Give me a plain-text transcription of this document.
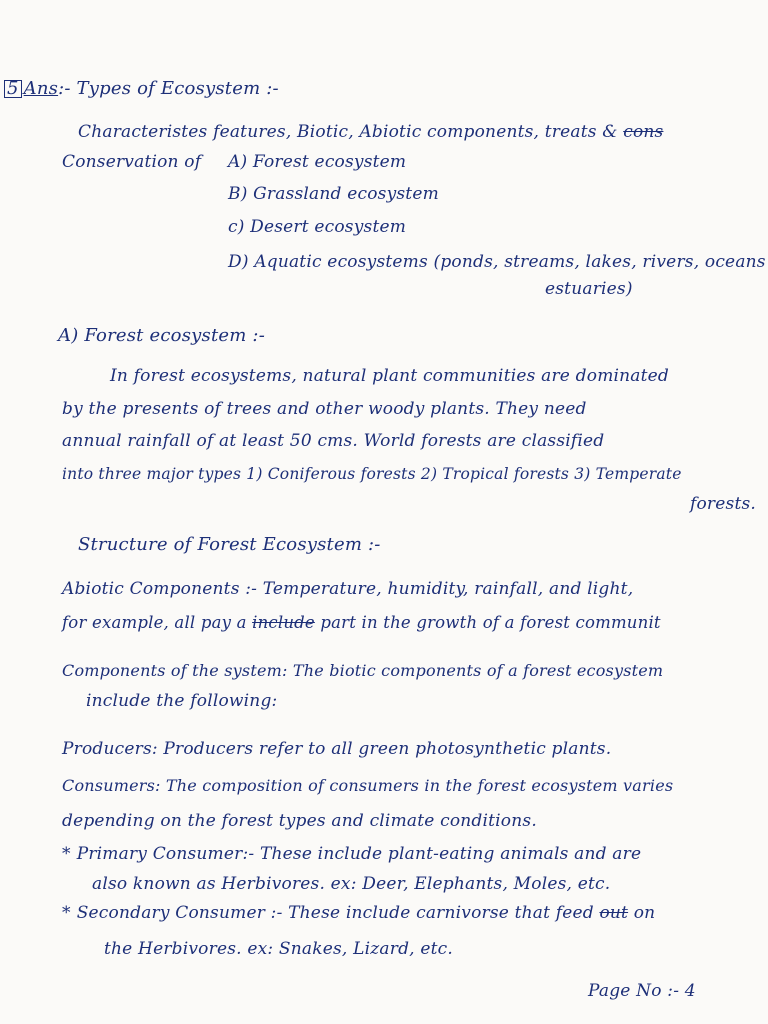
5 Ans:- Types of Ecosystem :-
Characteristes features, Biotic, Abiotic components, treats & cons
Conservation of A) Forest ecosystem
B) Grassland ecosystem
c) Desert ecosystem
D) Aquatic ecosystems (ponds, streams, lakes, rivers, oceans
estuaries)
A) Forest ecosystem :-
In forest ecosystems, natural plant communities are dominated
by the presents of trees and other woody plants. They need
annual rainfall of at least 50 cms. World forests are classified
into three major types 1) Coniferous forests 2) Tropical forests 3) Temperate
forests.
Structure of Forest Ecosystem :-
Abiotic Components :- Temperature, humidity, rainfall, and light,
for example, all pay a include part in the growth of a forest communit
Components of the system: The biotic components of a forest ecosystem
include the following:
Producers: Producers refer to all green photosynthetic plants.
Consumers: The composition of consumers in the forest ecosystem varies
depending on the forest types and climate conditions.
* Primary Consumer:- These include plant-eating animals and are
also known as Herbivores. ex: Deer, Elephants, Moles, etc.
* Secondary Consumer :- These include carnivorse that feed out on
the Herbivores. ex: Snakes, Lizard, etc.
Page No :- 4
